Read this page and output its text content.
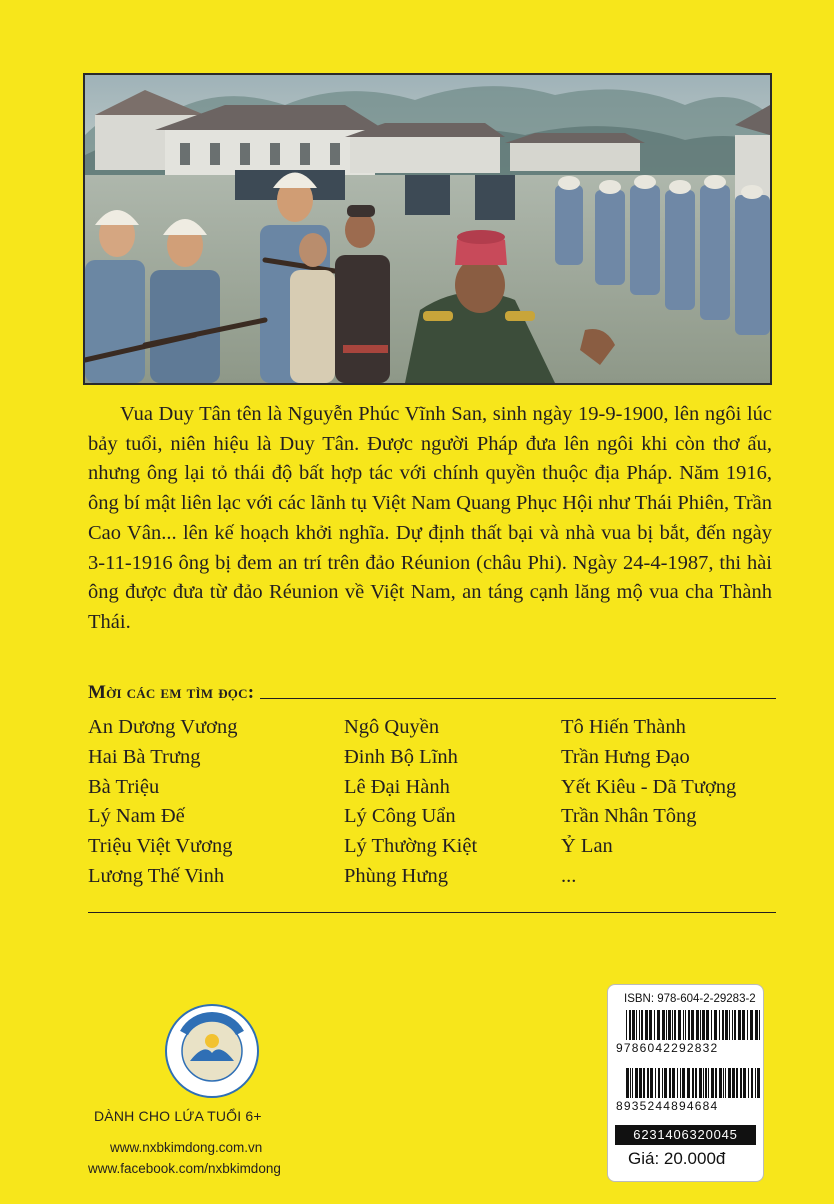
Vua Duy Tân tên là Nguyễn Phúc Vĩnh San, sinh ngày 19-9-1900, lên ngôi lúc bảy tuổi, niên hiệu là Duy Tân. Được người Pháp đưa lên ngôi khi còn thơ ấu, nhưng ông lại tỏ thái độ bất hợp tác với chính quyền thuộc địa Pháp. Năm 1916, ông bí mật liên lạc với các lãnh tụ Việt Nam Quang Phục Hội như Thái Phiên, Trần Cao Vân... lên kế hoạch khởi nghĩa. Dự định thất bại và nhà vua bị bắt, đến ngày 3-11-1916 ông bị đem an trí trên đảo Réunion (châu Phi). Ngày 24-4-1987, thi hài ông được đưa từ đảo Réunion về Việt Nam, an táng cạnh lăng mộ vua cha Thành Thái.

Mời các em tìm đọc:
An Dương Vương	Ngô Quyền	Tô Hiến Thành
Hai Bà Trưng	Đinh Bộ Lĩnh	Trần Hưng Đạo
Bà Triệu	Lê Đại Hành	Yết Kiêu - Dã Tượng
Lý Nam Đế	Lý Công Uẩn	Trần Nhân Tông
Triệu Việt Vương	Lý Thường Kiệt	Ỷ Lan
Lương Thế Vinh	Phùng Hưng	...
DÀNH CHO LỨA TUỔI 6+
www.nxbkimdong.com.vn
www.facebook.com/nxbkimdong
ISBN: 978-604-2-29283-2
9786042292832
8935244894684
6231406320045
Giá: 20.000đ
